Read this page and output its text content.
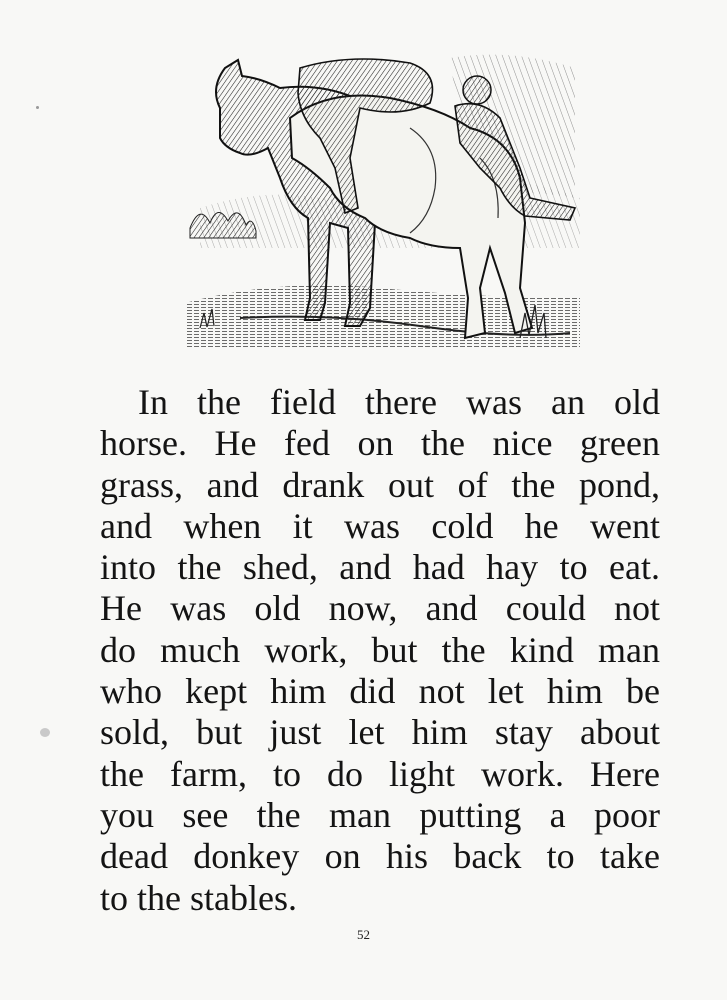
In the field there was an old
horse. He fed on the nice green
grass, and drank out of the pond,
and when it was cold he went
into the shed, and had hay to eat.
He was old now, and could not
do much work, but the kind man
who kept him did not let him be
sold, but just let him stay about
the farm, to do light work. Here
you see the man putting a poor
dead donkey on his back to take
to the stables.

52
